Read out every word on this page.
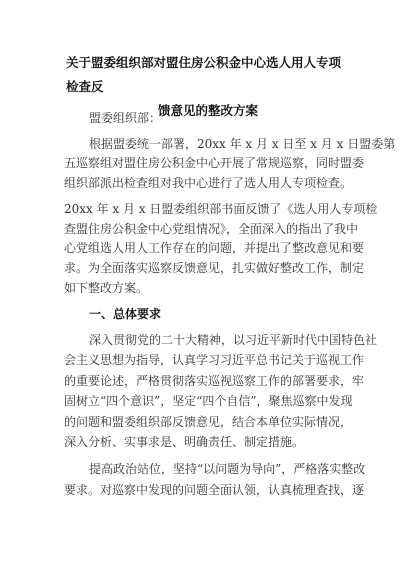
关于盟委组织部对盟住房公积金中心选人用人专项检查反
馈意见的整改方案
盟委组织部：
根据盟委统一部署，20xx 年 x 月 x 日至 x 月 x 日盟委第
五巡察组对盟住房公积金中心开展了常规巡察，同时盟委
组织部派出检查组对我中心进行了选人用人专项检查。
20xx 年 x 月 x 日盟委组织部书面反馈了《选人用人专项检
查盟住房公积金中心党组情况》，全面深入的指出了我中
心党组选人用人工作存在的问题，并提出了整改意见和要
求。为全面落实巡察反馈意见，扎实做好整改工作，制定
如下整改方案。
一、总体要求
深入贯彻党的二十大精神，以习近平新时代中国特色社
会主义思想为指导，认真学习习近平总书记关于巡视工作
的重要论述，严格贯彻落实巡视巡察工作的部署要求，牢
固树立“四个意识”，坚定“四个自信”，聚焦巡察中发现
的问题和盟委组织部反馈意见，结合本单位实际情况，
深入分析、实事求是、明确责任、制定措施。
提高政治站位，坚持“以问题为导向”，严格落实整改
要求。对巡察中发现的问题全面认领，认真梳理查找，逐
